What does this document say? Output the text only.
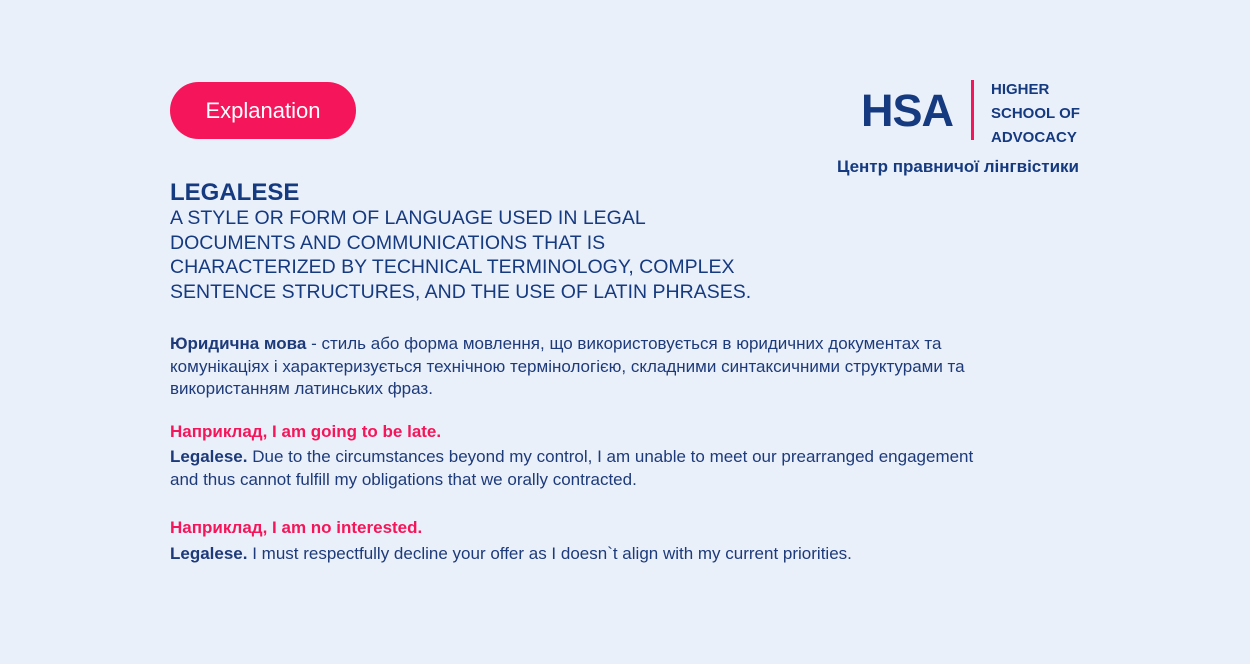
Explanation	HSA	HIGHER
SCHOOL OF
ADVOCACY
Центр правничої лінгвістики
LEGALESE

A STYLE OR FORM OF LANGUAGE USED IN LEGAL
DOCUMENTS AND COMMUNICATIONS THAT IS
CHARACTERIZED BY TECHNICAL TERMINOLOGY, COMPLEX
SENTENCE STRUCTURES, AND THE USE OF LATIN PHRASES.

Юридична мова - стиль або форма мовлення, що використовується в юридичних документах та
комунікаціях і характеризується технічною термінологією, складними синтаксичними структурами та
використанням латинських фраз.

Наприклад, I am going to be late.

Legalese. Due to the circumstances beyond my control, I am unable to meet our prearranged engagement
and thus cannot fulfill my obligations that we orally contracted.

Наприклад, I am no interested.

Legalese. I must respectfully decline your offer as I doesn`t align with my current priorities.
